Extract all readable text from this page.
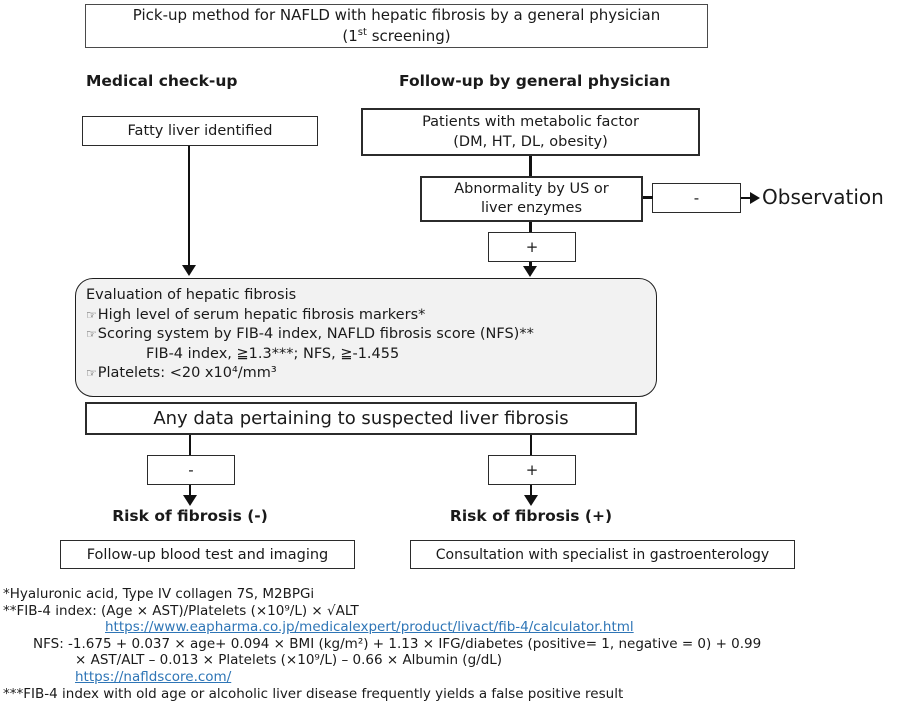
Pick-up method for NAFLD with hepatic fibrosis by a general physician
(1st screening)
Medical check-up	Follow-up by general physician
Fatty liver identified
Patients with metabolic factor
(DM, HT, DL, obesity)
Abnormality by US or
liver enzymes
-	Observation
+
Evaluation of hepatic fibrosis
☞High level of serum hepatic fibrosis markers*
☞Scoring system by FIB-4 index, NAFLD fibrosis score (NFS)**
FIB-4 index, ≧1.3***; NFS, ≧-1.455
☞Platelets: <20 x10⁴/mm³
Any data pertaining to suspected liver fibrosis
-	+
Risk of fibrosis (-)	Risk of fibrosis (+)
Follow-up blood test and imaging	Consultation with specialist in gastroenterology
*Hyaluronic acid, Type IV collagen 7S, M2BPGi
**FIB-4 index: (Age × AST)/Platelets (×10⁹/L) × √ALT
https://www.eapharma.co.jp/medicalexpert/product/livact/fib-4/calculator.html
NFS: -1.675 + 0.037 × age+ 0.094 × BMI (kg/m²) + 1.13 × IFG/diabetes (positive= 1, negative = 0) + 0.99
× AST/ALT – 0.013 × Platelets (×10⁹/L) – 0.66 × Albumin (g/dL)
https://nafldscore.com/
***FIB-4 index with old age or alcoholic liver disease frequently yields a false positive result
